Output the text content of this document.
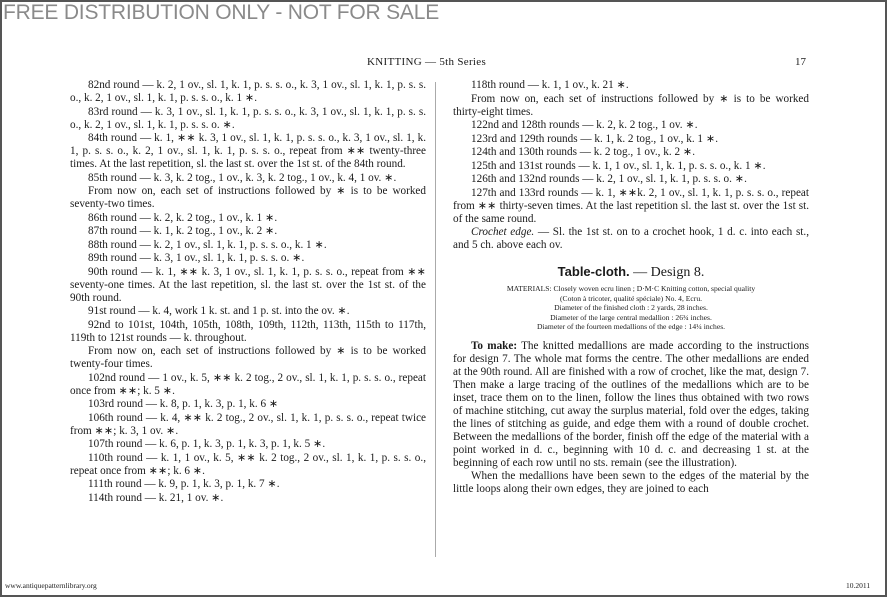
FREE DISTRIBUTION ONLY - NOT FOR SALE
KNITTING — 5th Series	17

82nd round — k. 2, 1 ov., sl. 1, k. 1, p. s. s. o., k. 3, 1 ov., sl. 1, k. 1, p. s. s. o., k. 2, 1 ov., sl. 1, k. 1, p. s. s. o., k. 1 ∗.

83rd round — k. 3, 1 ov., sl. 1, k. 1, p. s. s. o., k. 3, 1 ov., sl. 1, k. 1, p. s. s. o., k. 2, 1 ov., sl. 1, k. 1, p. s. s. o. ∗.

84th round — k. 1, ∗∗ k. 3, 1 ov., sl. 1, k. 1, p. s. s. o., k. 3, 1 ov., sl. 1, k. 1, p. s. s. o., k. 2, 1 ov., sl. 1, k. 1, p. s. s. o., repeat from ∗∗ twenty-three times. At the last repetition, sl. the last st. over the 1st st. of the 84th round.

85th round — k. 3, k. 2 tog., 1 ov., k. 3, k. 2 tog., 1 ov., k. 4, 1 ov. ∗.

From now on, each set of instructions followed by ∗ is to be worked seventy-two times.

86th round — k. 2, k. 2 tog., 1 ov., k. 1 ∗.

87th round — k. 1, k. 2 tog., 1 ov., k. 2 ∗.

88th round — k. 2, 1 ov., sl. 1, k. 1, p. s. s. o., k. 1 ∗.

89th round — k. 3, 1 ov., sl. 1, k. 1, p. s. s. o. ∗.

90th round — k. 1, ∗∗ k. 3, 1 ov., sl. 1, k. 1, p. s. s. o., repeat from ∗∗ seventy-one times. At the last repetition, sl. the last st. over the 1st st. of the 90th round.

91st round — k. 4, work 1 k. st. and 1 p. st. into the ov. ∗.

92nd to 101st, 104th, 105th, 108th, 109th, 112th, 113th, 115th to 117th, 119th to 121st rounds — k. throughout.

From now on, each set of instructions followed by ∗ is to be worked twenty-four times.

102nd round — 1 ov., k. 5, ∗∗ k. 2 tog., 2 ov., sl. 1, k. 1, p. s. s. o., repeat once from ∗∗; k. 5 ∗.

103rd round — k. 8, p. 1, k. 3, p. 1, k. 6 ∗

106th round — k. 4, ∗∗ k. 2 tog., 2 ov., sl. 1, k. 1, p. s. s. o., repeat twice from ∗∗; k. 3, 1 ov. ∗.

107th round — k. 6, p. 1, k. 3, p. 1, k. 3, p. 1, k. 5 ∗.

110th round — k. 1, 1 ov., k. 5, ∗∗ k. 2 tog., 2 ov., sl. 1, k. 1, p. s. s. o., repeat once from ∗∗; k. 6 ∗.

111th round — k. 9, p. 1, k. 3, p. 1, k. 7 ∗.

114th round — k. 21, 1 ov. ∗.

118th round — k. 1, 1 ov., k. 21 ∗.

From now on, each set of instructions followed by ∗ is to be worked thirty-eight times.

122nd and 128th rounds — k. 2, k. 2 tog., 1 ov. ∗.

123rd and 129th rounds — k. 1, k. 2 tog., 1 ov., k. 1 ∗.

124th and 130th rounds — k. 2 tog., 1 ov., k. 2 ∗.

125th and 131st rounds — k. 1, 1 ov., sl. 1, k. 1, p. s. s. o., k. 1 ∗.

126th and 132nd rounds — k. 2, 1 ov., sl. 1, k. 1, p. s. s. o. ∗.

127th and 133rd rounds — k. 1, ∗∗k. 2, 1 ov., sl. 1, k. 1, p. s. s. o., repeat from ∗∗ thirty-seven times. At the last repetition sl. the last st. over the 1st st. of the same round.

Crochet edge. — Sl. the 1st st. on to a crochet hook, 1 d. c. into each st., and 5 ch. above each ov.

Table-cloth. — Design 8.
MATERIALS: Closely woven ecru linen ; D·M·C Knitting cotton, special quality
(Coton à tricoter, qualité spéciale) No. 4, Ecru.
Diameter of the finished cloth : 2 yards, 28 inches.
Diameter of the large central medallion : 26¾ inches.
Diameter of the fourteen medallions of the edge : 14¼ inches.

To make: The knitted medallions are made according to the instructions for design 7. The whole mat forms the centre. The other medallions are ended at the 90th round. All are finished with a row of crochet, like the mat, design 7. Then make a large tracing of the outlines of the medallions which are to be inset, trace them on to the linen, follow the lines thus obtained with two rows of machine stitching, cut away the surplus material, fold over the edges, taking the lines of stitching as guide, and edge them with a round of double crochet. Between the medallions of the border, finish off the edge of the material with a point worked in d. c., beginning with 10 d. c. and decreasing 1 st. at the beginning of each row until no sts. remain (see the illustration).

When the medallions have been sewn to the edges of the material by the little loops along their own edges, they are joined to each

www.antiquepatternlibrary.org	10.2011
